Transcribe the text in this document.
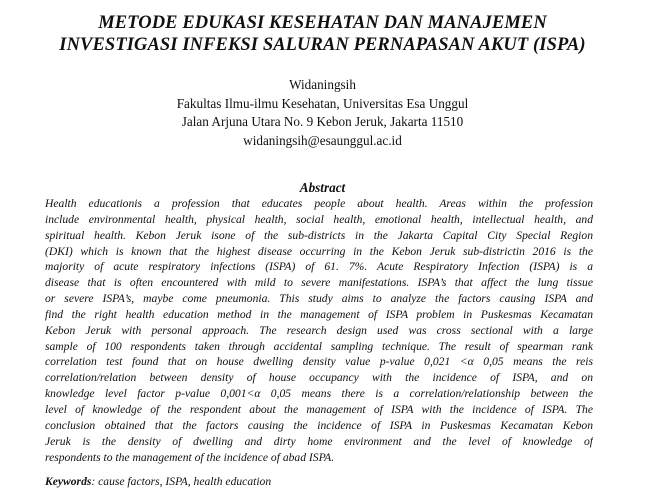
METODE EDUKASI KESEHATAN DAN MANAJEMEN
INVESTIGASI INFEKSI SALURAN PERNAPASAN AKUT (ISPA)
Widaningsih
Fakultas Ilmu-ilmu Kesehatan, Universitas Esa Unggul
Jalan Arjuna Utara No. 9 Kebon Jeruk, Jakarta 11510
widaningsih@esaunggul.ac.id
Abstract
Health educationis a profession that educates people about health. Areas within the profession
include environmental health, physical health, social health, emotional health, intellectual health, and
spiritual health. Kebon Jeruk isone of the sub-districts in the Jakarta Capital City Special Region
(DKI) which is known that the highest disease occurring in the Kebon Jeruk sub-districtin 2016 is the
majority of acute respiratory infections (ISPA) of 61. 7%. Acute Respiratory Infection (ISPA) is a
disease that is often encountered with mild to severe manifestations. ISPA’s that affect the lung tissue
or severe ISPA’s, maybe come pneumonia. This study aims to analyze the factors causing ISPA and
find the right health education method in the management of ISPA problem in Puskesmas Kecamatan
Kebon Jeruk with personal approach. The research design used was cross sectional with a large
sample of 100 respondents taken through accidental sampling technique. The result of spearman rank
correlation test found that on house dwelling density value p-value 0,021 <α 0,05 means the reis
correlation/relation between density of house occupancy with the incidence of ISPA, and on
knowledge level factor p-value 0,001<α 0,05 means there is a correlation/relationship between the
level of knowledge of the respondent about the management of ISPA with the incidence of ISPA. The
conclusion obtained that the factors causing the incidence of ISPA in Puskesmas Kecamatan Kebon
Jeruk is the density of dwelling and dirty home environment and the level of knowledge of
respondents to the management of the incidence of abad ISPA.
Keywords: cause factors, ISPA, health education
